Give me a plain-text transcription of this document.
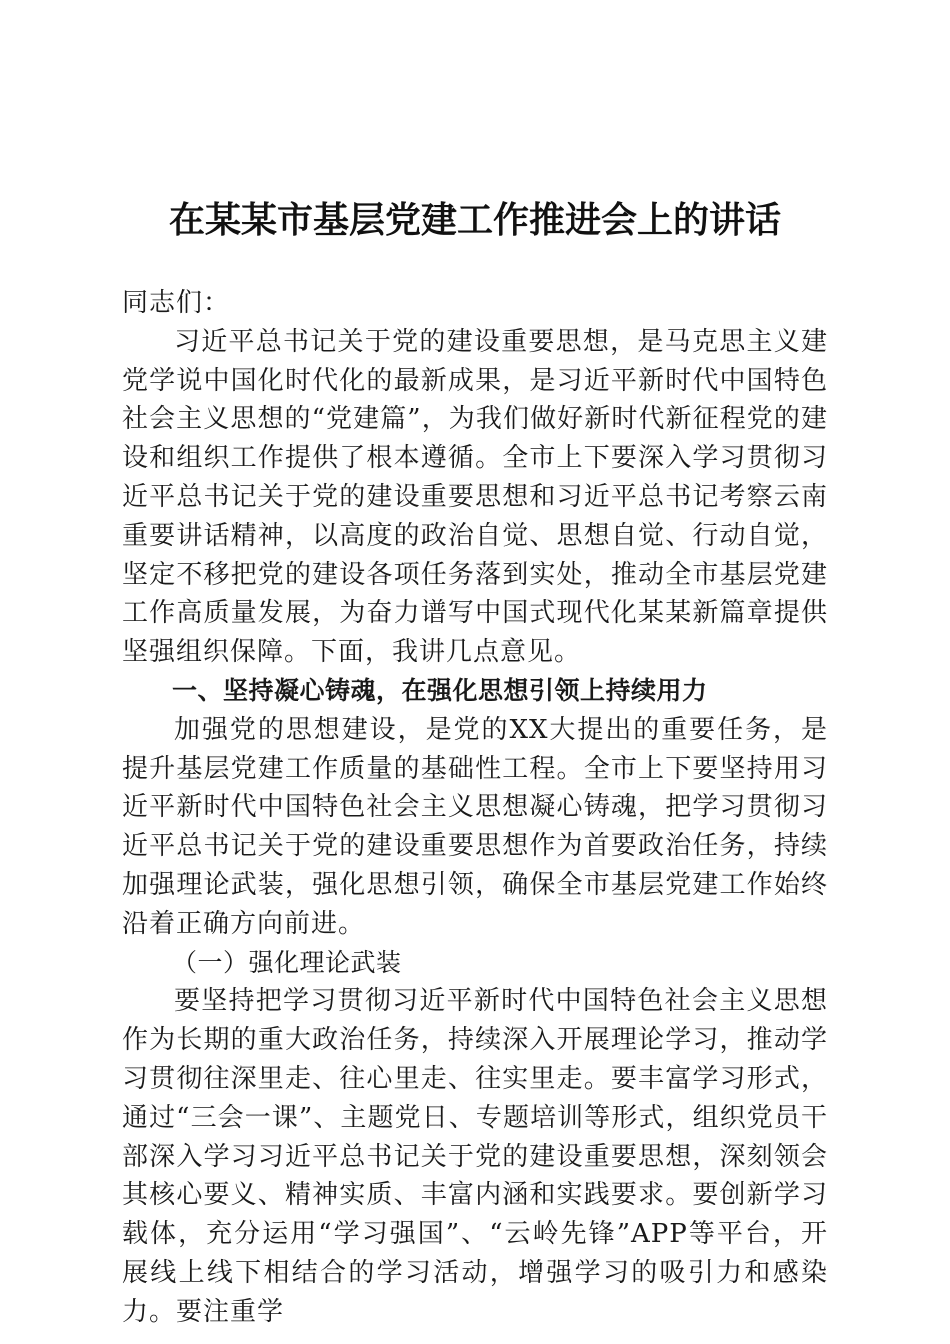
在某某市基层党建工作推进会上的讲话

同志们：

习近平总书记关于党的建设重要思想，是马克思主义建党学说中国化时代化的最新成果，是习近平新时代中国特色社会主义思想的“党建篇”，为我们做好新时代新征程党的建设和组织工作提供了根本遵循。全市上下要深入学习贯彻习近平总书记关于党的建设重要思想和习近平总书记考察云南重要讲话精神，以高度的政治自觉、思想自觉、行动自觉，坚定不移把党的建设各项任务落到实处，推动全市基层党建工作高质量发展，为奋力谱写中国式现代化某某新篇章提供坚强组织保障。下面，我讲几点意见。

一、坚持凝心铸魂，在强化思想引领上持续用力

加强党的思想建设，是党的XX大提出的重要任务，是提升基层党建工作质量的基础性工程。全市上下要坚持用习近平新时代中国特色社会主义思想凝心铸魂，把学习贯彻习近平总书记关于党的建设重要思想作为首要政治任务，持续加强理论武装，强化思想引领，确保全市基层党建工作始终沿着正确方向前进。

（一）强化理论武装

要坚持把学习贯彻习近平新时代中国特色社会主义思想作为长期的重大政治任务，持续深入开展理论学习，推动学习贯彻往深里走、往心里走、往实里走。要丰富学习形式，通过“三会一课”、主题党日、专题培训等形式，组织党员干部深入学习习近平总书记关于党的建设重要思想，深刻领会其核心要义、精神实质、丰富内涵和实践要求。要创新学习载体，充分运用“学习强国”、“云岭先锋”APP等平台，开展线上线下相结合的学习活动，增强学习的吸引力和感染力。要注重学
